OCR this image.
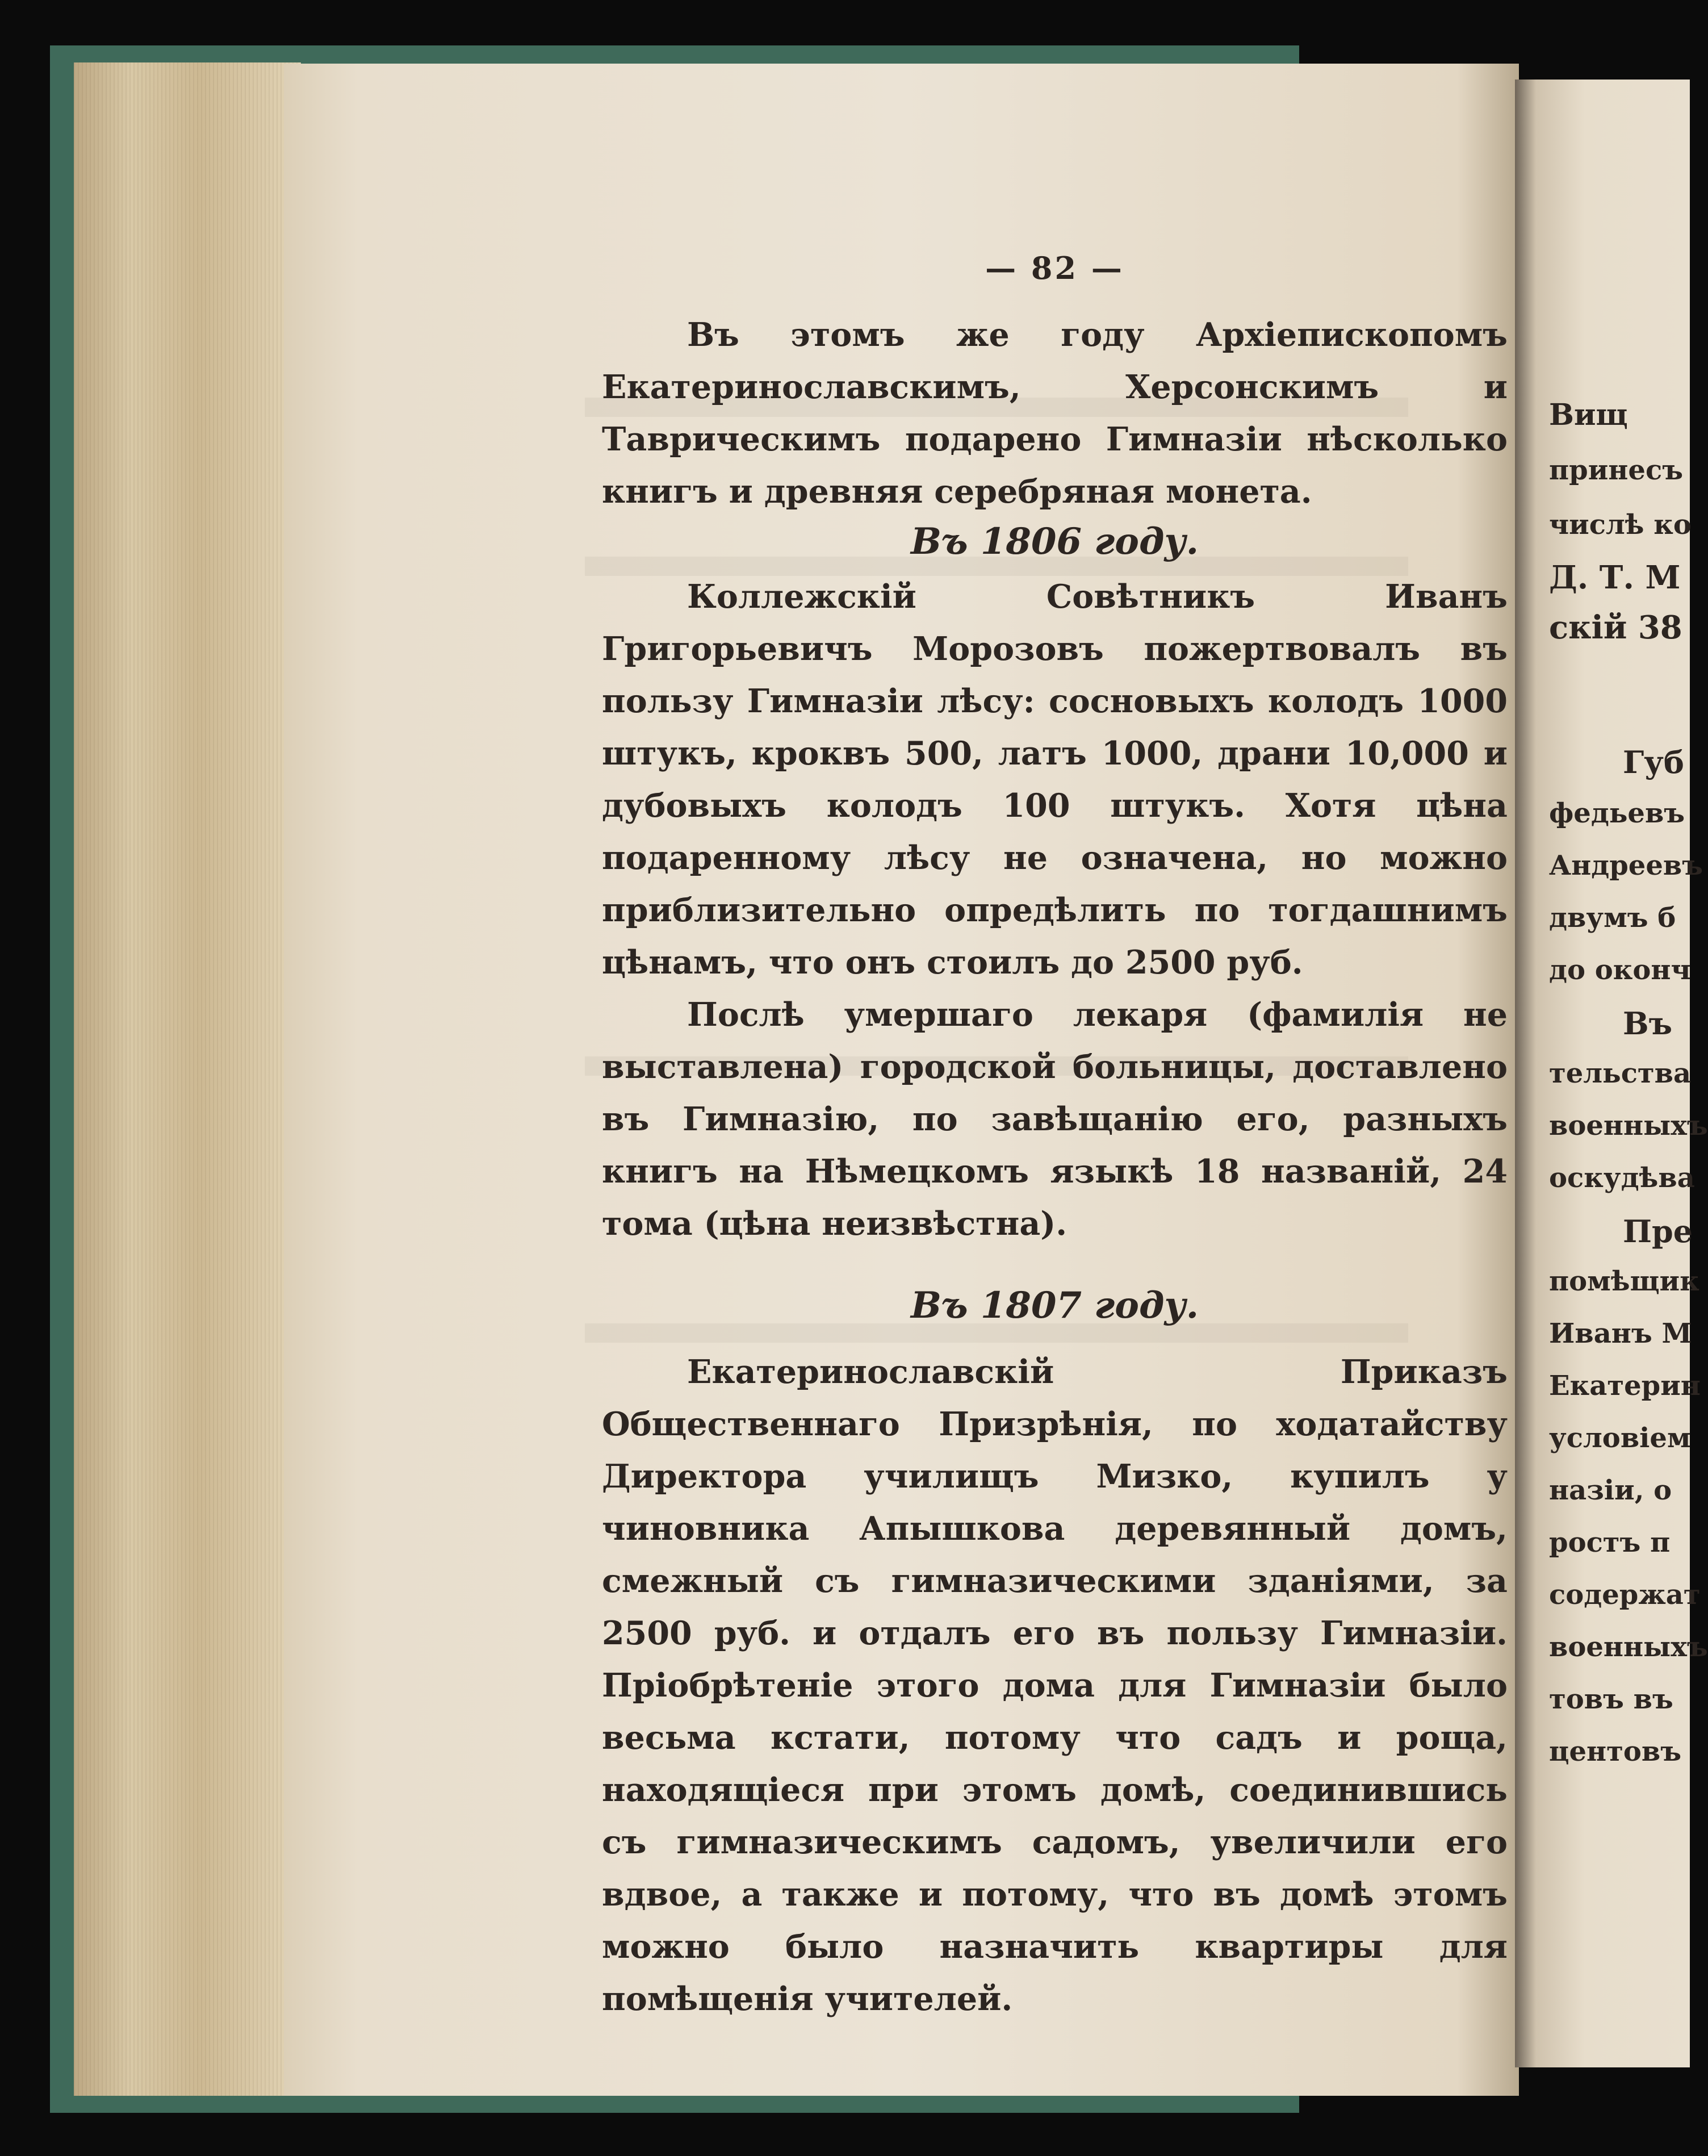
— 82 —

Въ этомъ же году Архіепископомъ Екатеринославскимъ, Херсонскимъ и Таврическимъ подарено Гимназіи нѣсколько книгъ и древняя серебряная монета.

Въ 1806 году.

Коллежскій Совѣтникъ Иванъ Григорьевичъ Морозовъ пожертвовалъ въ пользу Гимназіи лѣсу: сосновыхъ колодъ 1000 штукъ, кроквъ 500, латъ 1000, драни 10,000 и дубовыхъ колодъ 100 штукъ. Хотя цѣна подаренному лѣсу не означена, но можно приблизительно опредѣлить по тогдашнимъ цѣнамъ, что онъ стоилъ до 2500 руб.

Послѣ умершаго лекаря (фамилія не выставлена) городской больницы, доставлено въ Гимназію, по завѣщанію его, разныхъ книгъ на Нѣмецкомъ языкѣ 18 названій, 24 тома (цѣна неизвѣстна).

Въ 1807 году.

Екатеринославскій Приказъ Общественнаго Призрѣнія, по ходатайству Директора училищъ Мизко, купилъ у чиновника Апышкова деревянный домъ, смежный съ гимназическими зданіями, за 2500 руб. и отдалъ его въ пользу Гимназіи. Пріобрѣтеніе этого дома для Гимназіи было весьма кстати, потому что садъ и роща, находящіеся при этомъ домѣ, соединившись съ гимназическимъ садомъ, увеличили его вдвое, а также и потому, что въ домѣ этомъ можно было назначить квартиры для помѣщенія учителей.

Вищ
принесъ
числѣ ко
Д. Т. М
скій 38
Губ
федьевъ
Андреевъ
двумъ б
до оконч
Въ
тельства
военныхъ
оскудѣва
Пре
помѣщик
Иванъ М
Екатерин
условіем
назіи, о
ростъ п
содержат
военныхъ
товъ въ
центовъ
